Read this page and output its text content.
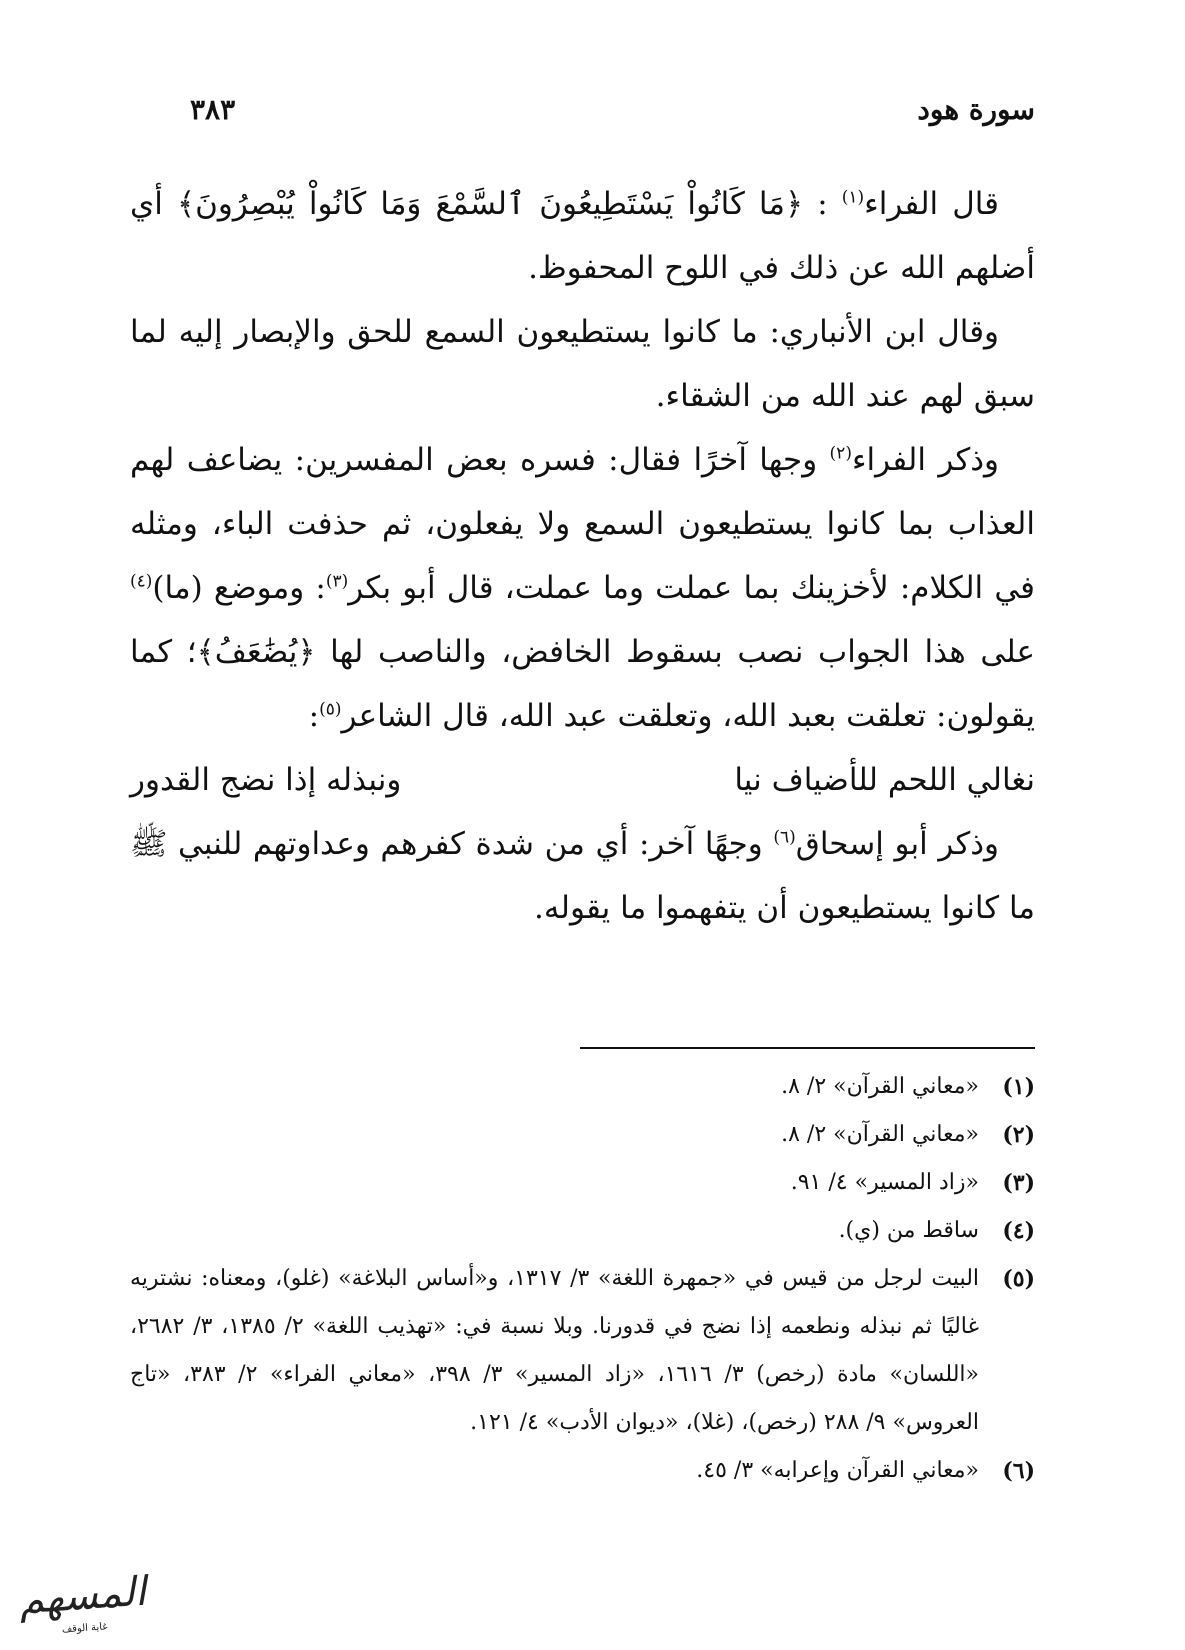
سورة هود
٣٨٣

قال الفراء$^{(١)}$ : ﴿مَا كَانُواْ يَسْتَطِيعُونَ ٱلسَّمْعَ وَمَا كَانُواْ يُبْصِرُونَ﴾ أي أضلهم الله عن ذلك في اللوح المحفوظ.

وقال ابن الأنباري: ما كانوا يستطيعون السمع للحق والإبصار إليه لما سبق لهم عند الله من الشقاء.

وذكر الفراء$^{(٢)}$ وجها آخرًا فقال: فسره بعض المفسرين: يضاعف لهم العذاب بما كانوا يستطيعون السمع ولا يفعلون، ثم حذفت الباء، ومثله في الكلام: لأخزينك بما عملت وما عملت، قال أبو بكر$^{(٣)}$: وموضع (ما)$^{(٤)}$ على هذا الجواب نصب بسقوط الخافض، والناصب لها ﴿يُضَٰعَفُ﴾؛ كما يقولون: تعلقت بعبد الله، وتعلقت عبد الله، قال الشاعر$^{(٥)}$:

نغالي اللحم للأضياف نيا
ونبذله إذا نضج القدور

وذكر أبو إسحاق$^{(٦)}$ وجهًا آخر: أي من شدة كفرهم وعداوتهم للنبي ﷺ ما كانوا يستطيعون أن يتفهموا ما يقوله.

(١)
«معاني القرآن» ٢/ ٨.
(٢)
«معاني القرآن» ٢/ ٨.
(٣)
«زاد المسير» ٤/ ٩١.
(٤)
ساقط من (ي).
(٥)
البيت لرجل من قيس في «جمهرة اللغة» ٣/ ١٣١٧، و«أساس البلاغة» (غلو)، ومعناه: نشتريه غاليًا ثم نبذله ونطعمه إذا نضج في قدورنا. وبلا نسبة في: «تهذيب اللغة» ٢/ ١٣٨٥، ٣/ ٢٦٨٢، «اللسان» مادة (رخص) ٣/ ١٦١٦، «زاد المسير» ٣/ ٣٩٨، «معاني الفراء» ٢/ ٣٨٣، «تاج العروس» ٩/ ٢٨٨ (رخص)، (غلا)، «ديوان الأدب» ٤/ ١٢١.
(٦)
«معاني القرآن وإعرابه» ٣/ ٤٥.
المسهم
غاية الوقف
